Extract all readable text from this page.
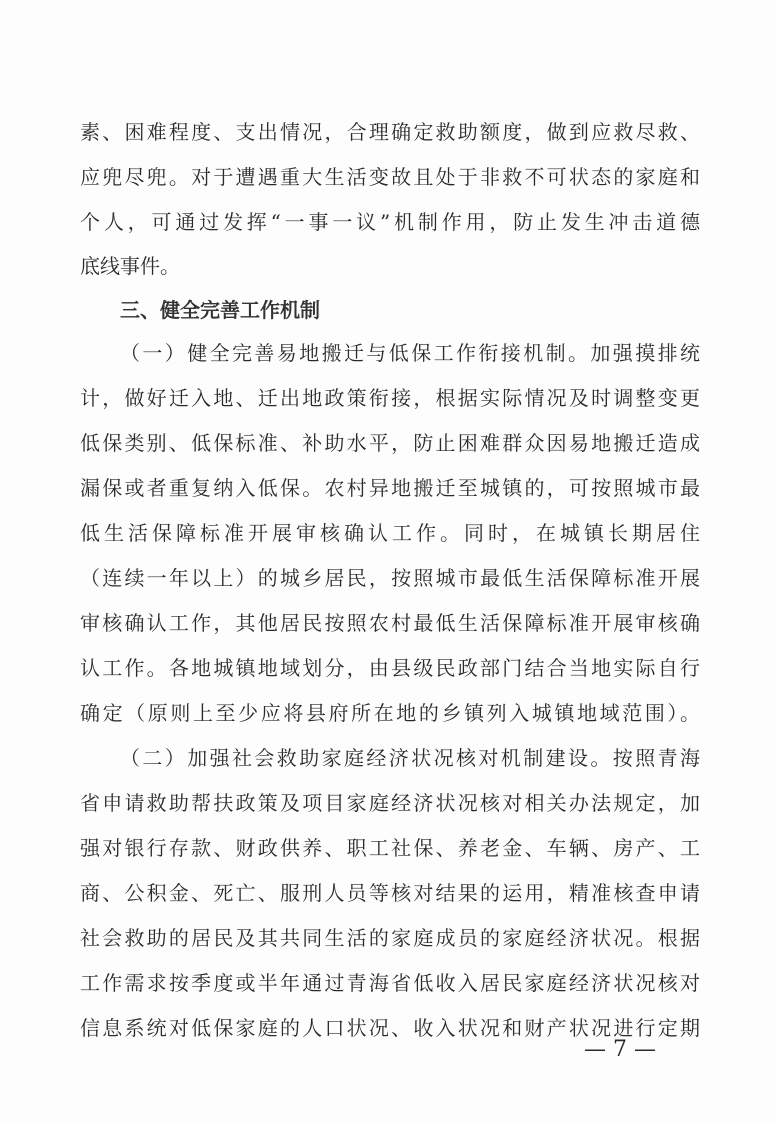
素、困难程度、支出情况，合理确定救助额度，做到应救尽救、
应兜尽兜。对于遭遇重大生活变故且处于非救不可状态的家庭和
个人，可通过发挥“一事一议”机制作用，防止发生冲击道德
底线事件。
三、健全完善工作机制
（一）健全完善易地搬迁与低保工作衔接机制。加强摸排统
计，做好迁入地、迁出地政策衔接，根据实际情况及时调整变更
低保类别、低保标准、补助水平，防止困难群众因易地搬迁造成
漏保或者重复纳入低保。农村异地搬迁至城镇的，可按照城市最
低生活保障标准开展审核确认工作。同时，在城镇长期居住
（连续一年以上）的城乡居民，按照城市最低生活保障标准开展
审核确认工作，其他居民按照农村最低生活保障标准开展审核确
认工作。各地城镇地域划分，由县级民政部门结合当地实际自行
确定（原则上至少应将县府所在地的乡镇列入城镇地域范围）。
（二）加强社会救助家庭经济状况核对机制建设。按照青海
省申请救助帮扶政策及项目家庭经济状况核对相关办法规定，加
强对银行存款、财政供养、职工社保、养老金、车辆、房产、工
商、公积金、死亡、服刑人员等核对结果的运用，精准核查申请
社会救助的居民及其共同生活的家庭成员的家庭经济状况。根据
工作需求按季度或半年通过青海省低收入居民家庭经济状况核对
信息系统对低保家庭的人口状况、收入状况和财产状况进行定期
— 7 —
